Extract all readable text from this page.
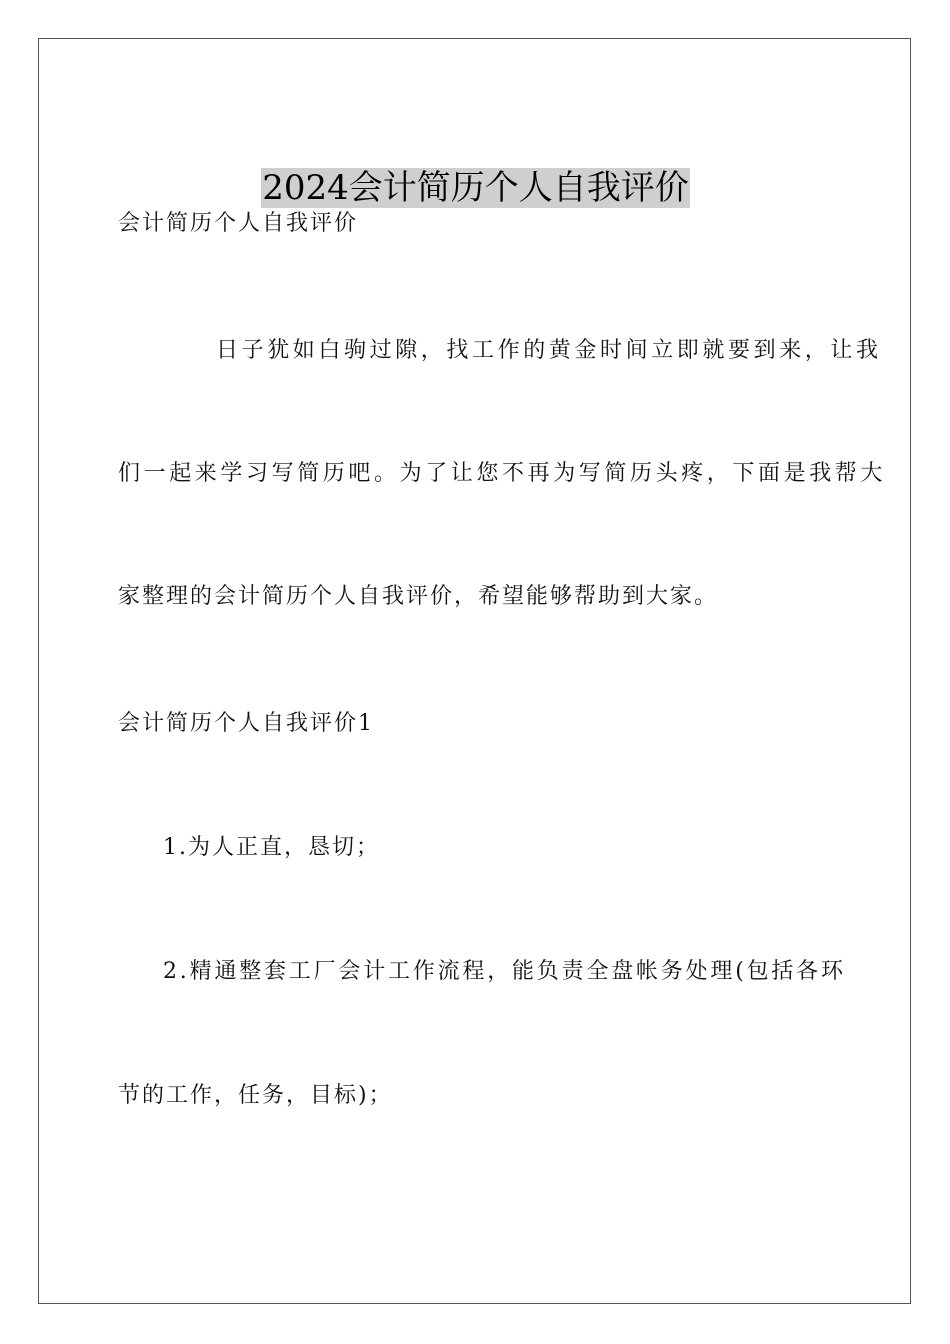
2024会计简历个人自我评价
会计简历个人自我评价
日子犹如白驹过隙，找工作的黄金时间立即就要到来，让我
们一起来学习写简历吧。为了让您不再为写简历头疼，下面是我帮大
家整理的会计简历个人自我评价，希望能够帮助到大家。
会计简历个人自我评价1
1.为人正直，恳切；
2.精通整套工厂会计工作流程，能负责全盘帐务处理(包括各环
节的工作，任务，目标)；
